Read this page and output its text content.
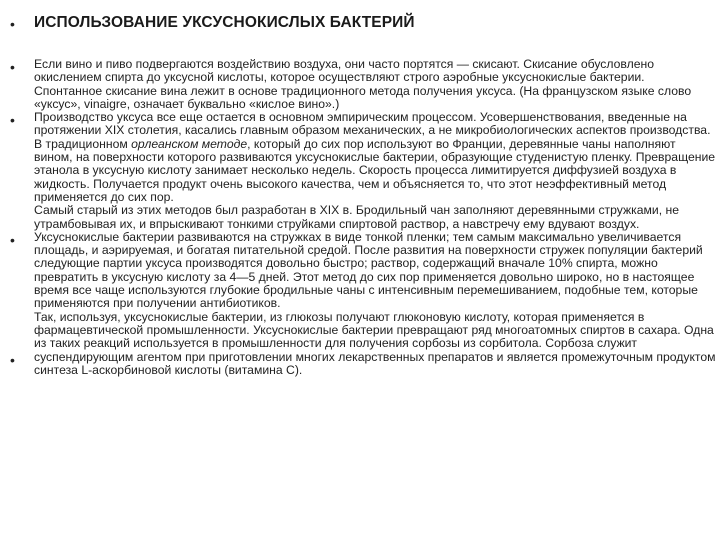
• ИСПОЛЬЗОВАНИЕ УКСУСНОКИСЛЫХ БАКТЕРИЙ
•
•
•
•

Если вино и пиво подвергаются воздействию воздуха, они часто портятся — скисают. Скисание обусловлено окислением спирта до уксусной кислоты, которое осуществляют строго аэробные уксуснокислые бактерии. Спонтанное скисание вина лежит в основе традиционного метода получения уксуса. (На французском языке слово «уксус», vinaigre, означает буквально «кислое вино».)

Производство уксуса все еще остается в основном эмпирическим процессом. Усовершенствования, введенные на протяжении XIX столетия, касались главным образом механических, а не микробиологических аспектов производства. В традиционном орлеанском методе, который до сих пор используют во Франции, деревянные чаны наполняют вином, на поверхности которого развиваются уксуснокислые бактерии, образующие студенистую пленку. Превращение этанола в уксусную кислоту занимает несколько недель. Скорость процесса лимитируется диффузией воздуха в жидкость. Получается продукт очень высокого качества, чем и объясняется то, что этот неэффективный метод применяется до сих пор.

Самый старый из этих методов был разработан в XIX в. Бродильный чан заполняют деревянными стружками, не утрамбовывая их, и впрыскивают тонкими струйками спиртовой раствор, а навстречу ему вдувают воздух. Уксуснокислые бактерии развиваются на стружках в виде тонкой пленки; тем самым максимально увеличивается площадь, и аэрируемая, и богатая питательной средой. После развития на поверхности стружек популяции бактерий следующие партии уксуса производятся довольно быстро; раствор, содержащий вначале 10% спирта, можно превратить в уксусную кислоту за 4—5 дней. Этот метод до сих пор применяется довольно широко, но в настоящее время все чаще используются глубокие бродильные чаны с интенсивным перемешиванием, подобные тем, которые применяются при получении антибиотиков.

Так, используя, уксуснокислые бактерии, из глюкозы получают глюконовую кислоту, которая применяется в фармацевтической промышленности. Уксуснокислые бактерии превращают ряд многоатомных спиртов в сахара. Одна из таких реакций используется в промышленности для получения сорбозы из сорбитола. Сорбоза служит суспендирующим агентом при приготовлении многих лекарственных препаратов и является промежуточным продуктом синтеза L-аскорбиновой кислоты (витамина С).
